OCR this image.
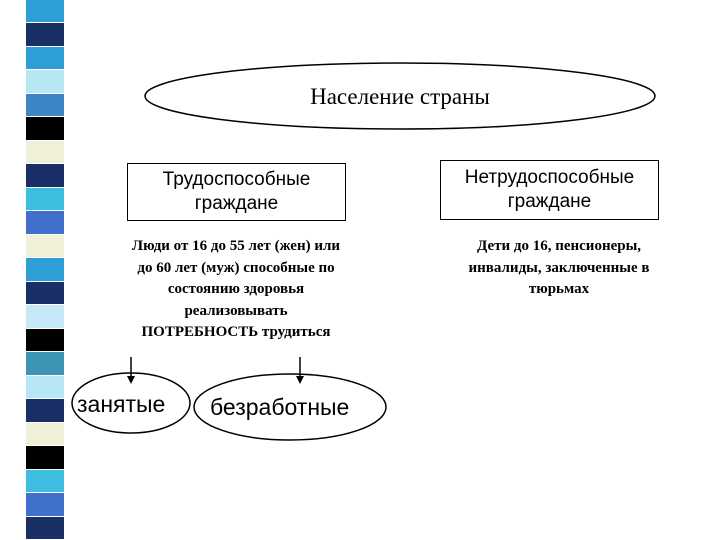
Население страны
Трудоспособные
граждане
Нетрудоспособные
граждане
Люди от 16 до 55 лет (жен) или
до 60 лет (муж) способные по
состоянию здоровья
реализовывать
ПОТРЕБНОСТЬ трудиться
Дети до 16, пенсионеры,
инвалиды, заключенные в
тюрьмах
занятые безработные
